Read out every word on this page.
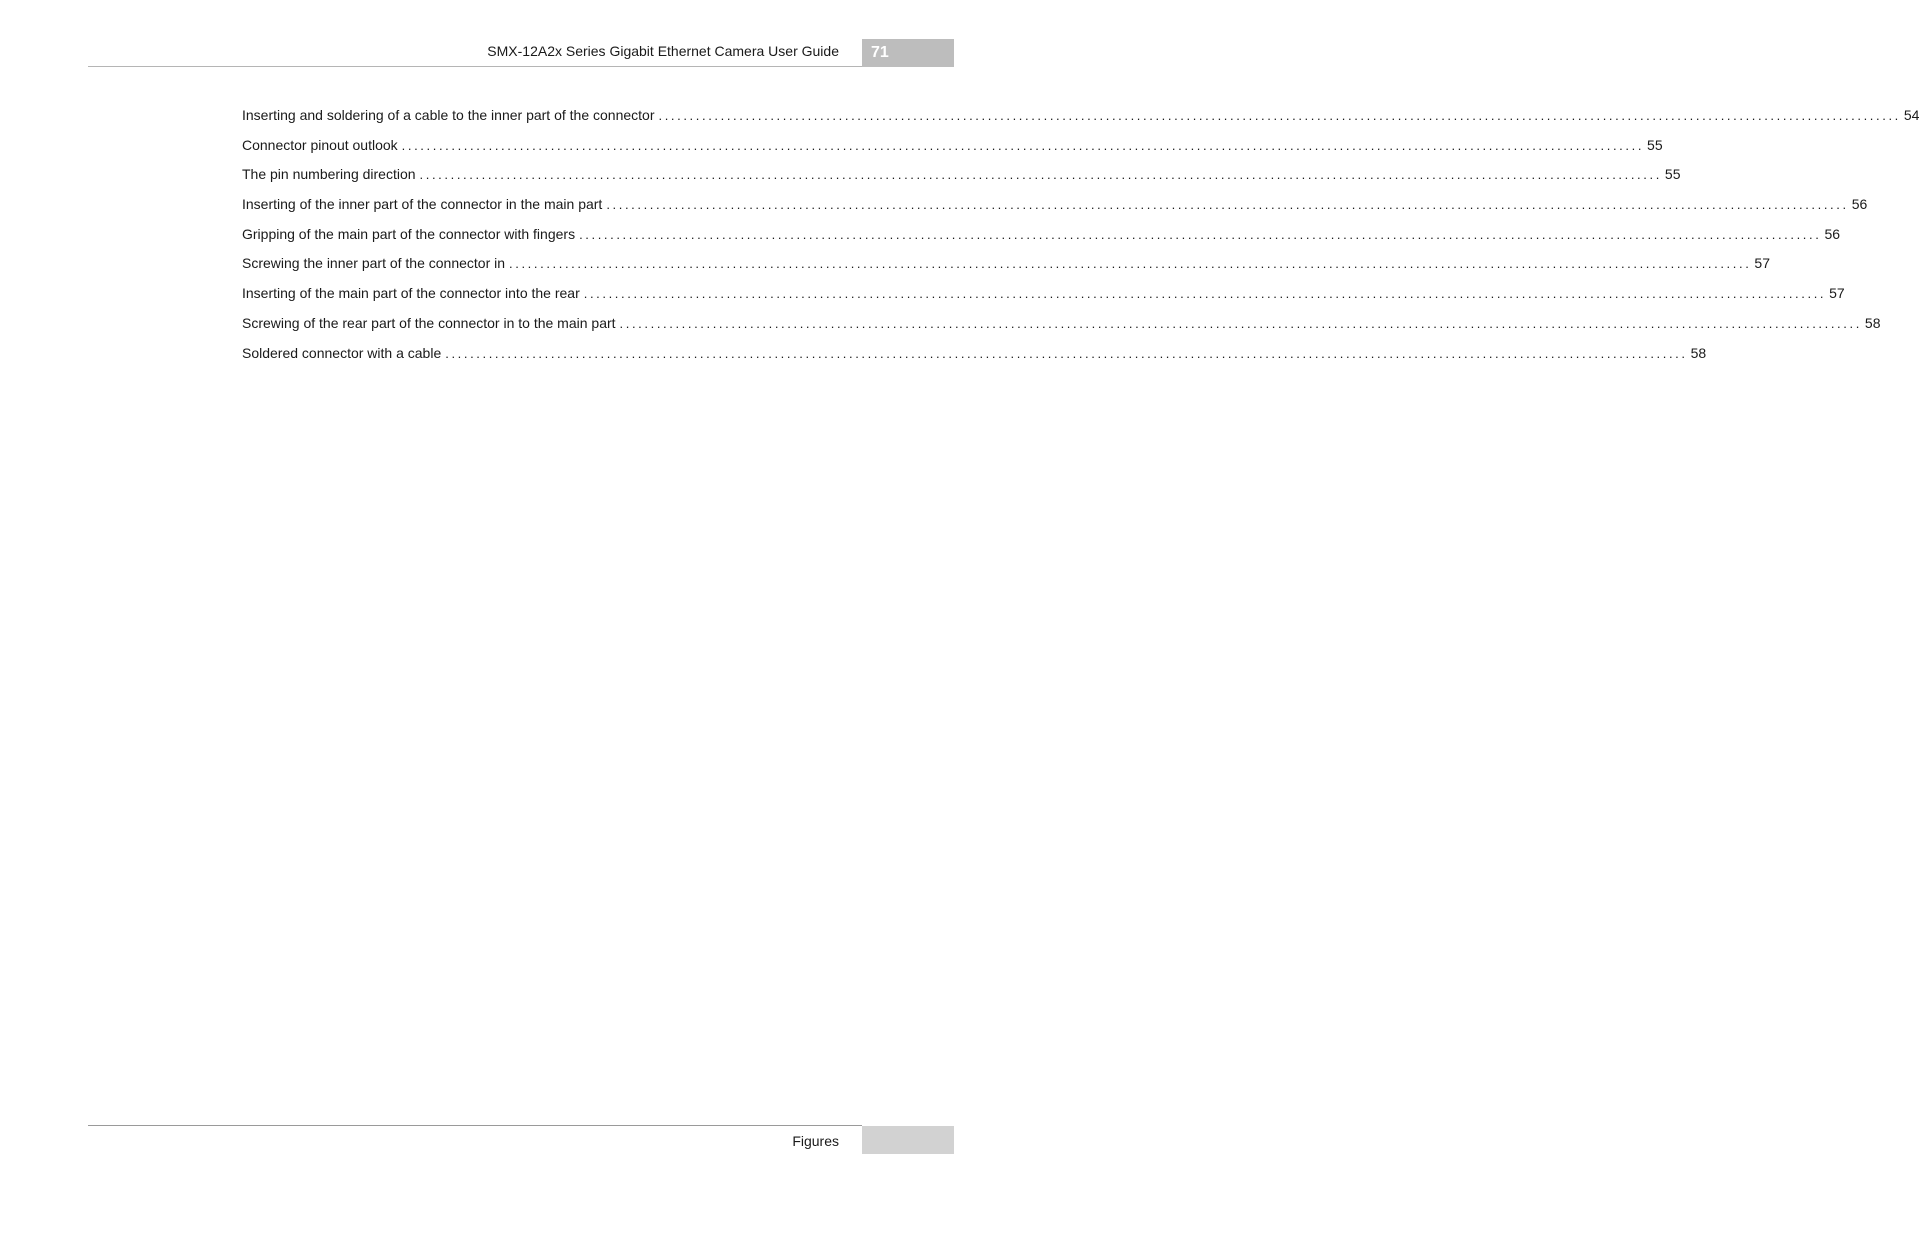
SMX-12A2x Series Gigabit Ethernet Camera User Guide 71
Inserting and soldering of a cable to the inner part of the connector ........................................................................................................................................................................................................ 54
Connector pinout outlook ........................................................................................................................................................................................................ 55
The pin numbering direction ........................................................................................................................................................................................................ 55
Inserting of the inner part of the connector in the main part ........................................................................................................................................................................................................ 56
Gripping of the main part of the connector with fingers ........................................................................................................................................................................................................ 56
Screwing the inner part of the connector in ........................................................................................................................................................................................................ 57
Inserting of the main part of the connector into the rear ........................................................................................................................................................................................................ 57
Screwing of the rear part of the connector in to the main part ........................................................................................................................................................................................................ 58
Soldered connector with a cable ........................................................................................................................................................................................................ 58
Figures
